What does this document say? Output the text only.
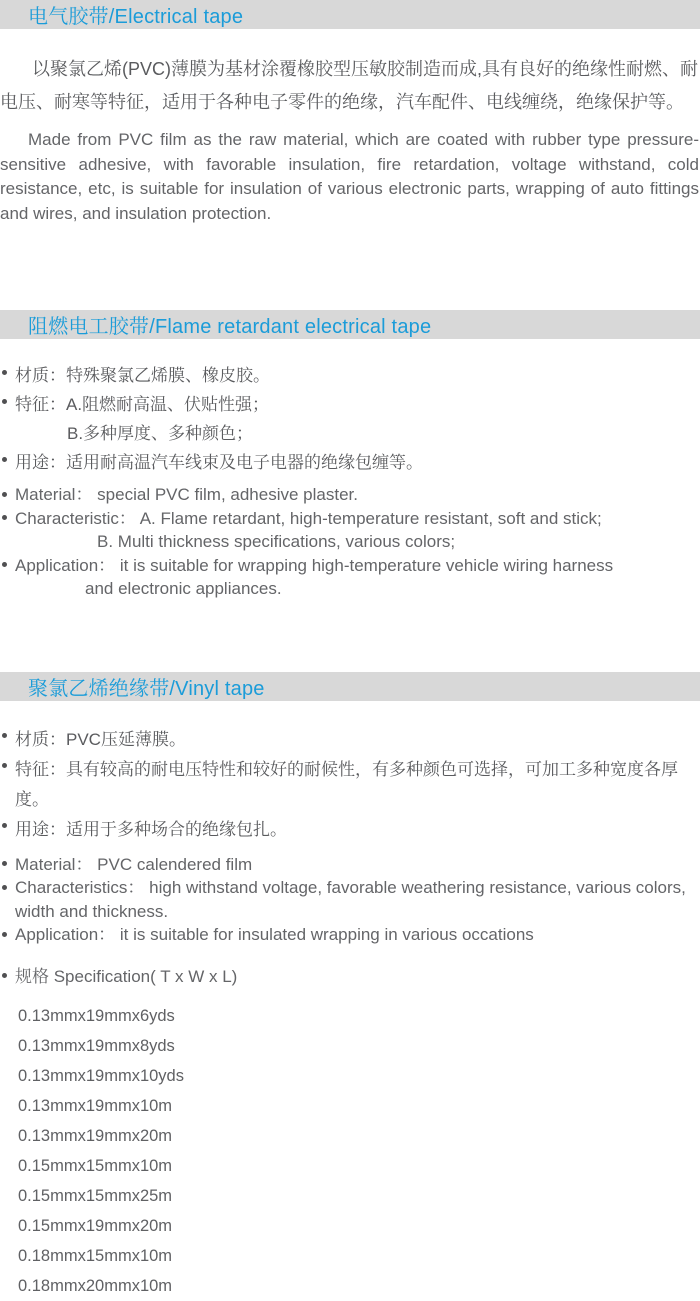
电气胶带/Electrical tape

以聚氯乙烯(PVC)薄膜为基材涂覆橡胶型压敏胶制造而成,具有良好的绝缘性耐燃、耐电压、耐寒等特征，适用于各种电子零件的绝缘，汽车配件、电线缠绕，绝缘保护等。

Made from PVC film as the raw material, which are coated with rubber type pressure-sensitive adhesive, with favorable insulation, fire retardation, voltage withstand, cold resistance, etc, is suitable for insulation of various electronic parts, wrapping of auto fittings and wires, and insulation protection.

阻燃电工胶带/Flame retardant electrical tape
材质：特殊聚氯乙烯膜、橡皮胶。
特征：A.阻燃耐高温、伏贴性强；
B.多种厚度、多种颜色；
用途：适用耐高温汽车线束及电子电器的绝缘包缠等。
Material： special PVC film, adhesive plaster.
Characteristic： A. Flame retardant, high-temperature resistant, soft and stick;
B. Multi thickness specifications, various colors;
Application： it is suitable for wrapping high-temperature vehicle wiring harness
and electronic appliances.
聚氯乙烯绝缘带/Vinyl tape
材质：PVC压延薄膜。
特征：具有较高的耐电压特性和较好的耐候性，有多种颜色可选择，可加工多种宽度各厚度。
用途：适用于多种场合的绝缘包扎。
Material： PVC calendered film
Characteristics： high withstand voltage, favorable weathering resistance, various colors,
width and thickness.
Application： it is suitable for insulated wrapping in various occations
规格 Specification( T x W x L)
0.13mmx19mmx6yds
0.13mmx19mmx8yds
0.13mmx19mmx10yds
0.13mmx19mmx10m
0.13mmx19mmx20m
0.15mmx15mmx10m
0.15mmx15mmx25m
0.15mmx19mmx20m
0.18mmx15mmx10m
0.18mmx20mmx10m
